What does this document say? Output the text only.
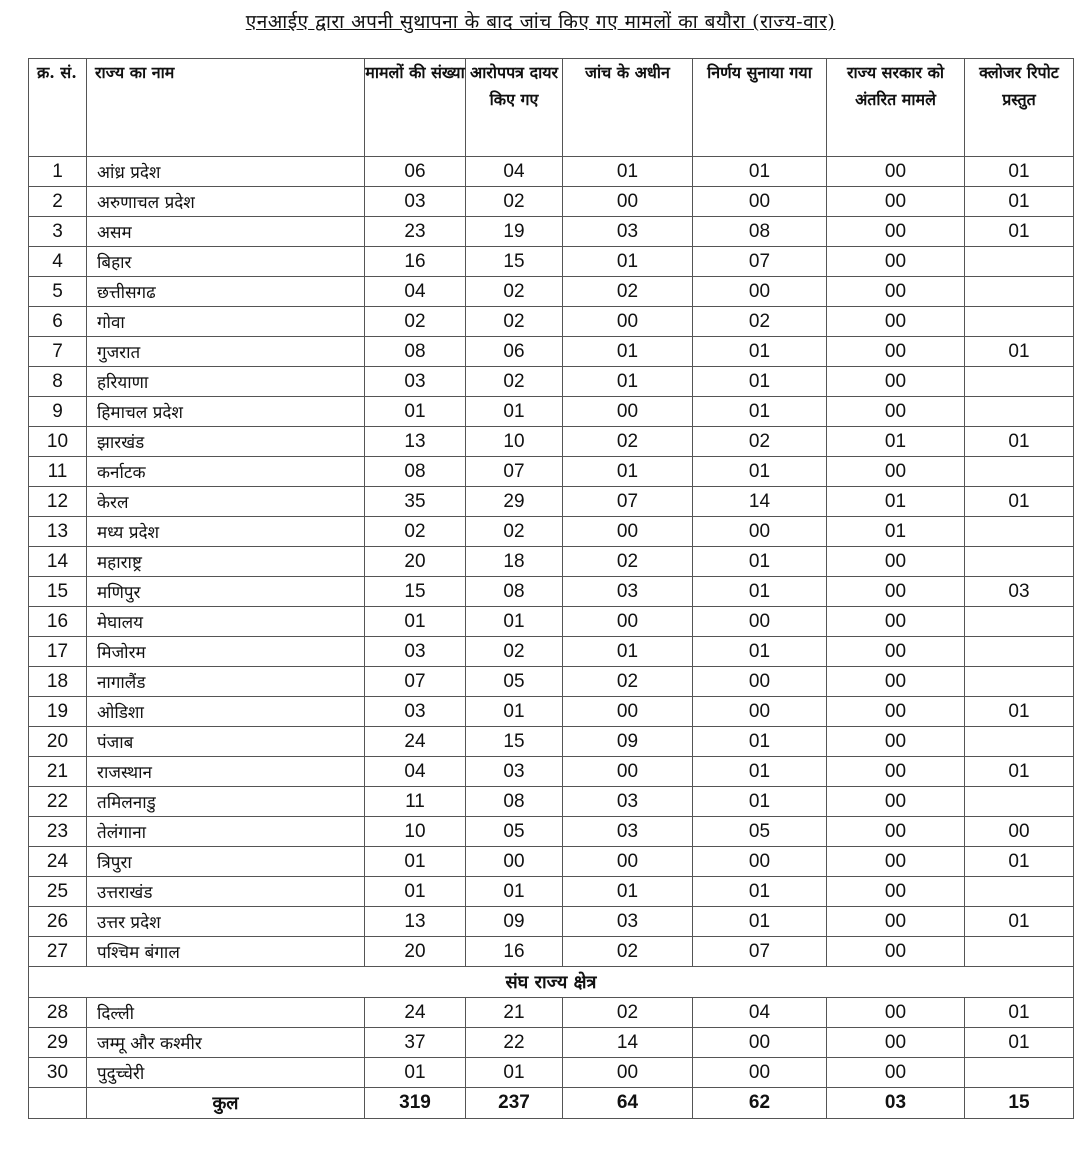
एनआईए द्वारा अपनी सुथापना के बाद जांच किए गए मामलों का बयौरा (राज्य-वार)
क्र. सं.	राज्य का नाम	मामलों की संख्या	आरोपपत्र दायर किए गए	जांच के अधीन	निर्णय सुनाया गया	राज्य सरकार को अंतरित मामले	क्लोजर रिपोट प्रस्तुत
1	आंध्र प्रदेश	06	04	01	01	00	01
2	अरुणाचल प्रदेश	03	02	00	00	00	01
3	असम	23	19	03	08	00	01
4	बिहार	16	15	01	07	00	
5	छत्तीसगढ	04	02	02	00	00	
6	गोवा	02	02	00	02	00	
7	गुजरात	08	06	01	01	00	01
8	हरियाणा	03	02	01	01	00	
9	हिमाचल प्रदेश	01	01	00	01	00	
10	झारखंड	13	10	02	02	01	01
11	कर्नाटक	08	07	01	01	00	
12	केरल	35	29	07	14	01	01
13	मध्य प्रदेश	02	02	00	00	01	
14	महाराष्ट्र	20	18	02	01	00	
15	मणिपुर	15	08	03	01	00	03
16	मेघालय	01	01	00	00	00	
17	मिजोरम	03	02	01	01	00	
18	नागालैंड	07	05	02	00	00	
19	ओडिशा	03	01	00	00	00	01
20	पंजाब	24	15	09	01	00	
21	राजस्थान	04	03	00	01	00	01
22	तमिलनाडु	11	08	03	01	00	
23	तेलंगाना	10	05	03	05	00	00
24	त्रिपुरा	01	00	00	00	00	01
25	उत्तराखंड	01	01	01	01	00	
26	उत्तर प्रदेश	13	09	03	01	00	01
27	पश्चिम बंगाल	20	16	02	07	00	
संघ राज्य क्षेत्र							
28	दिल्ली	24	21	02	04	00	01
29	जम्मू और कश्मीर	37	22	14	00	00	01
30	पुदुच्चेरी	01	01	00	00	00	
	कुल	319	237	64	62	03	15
